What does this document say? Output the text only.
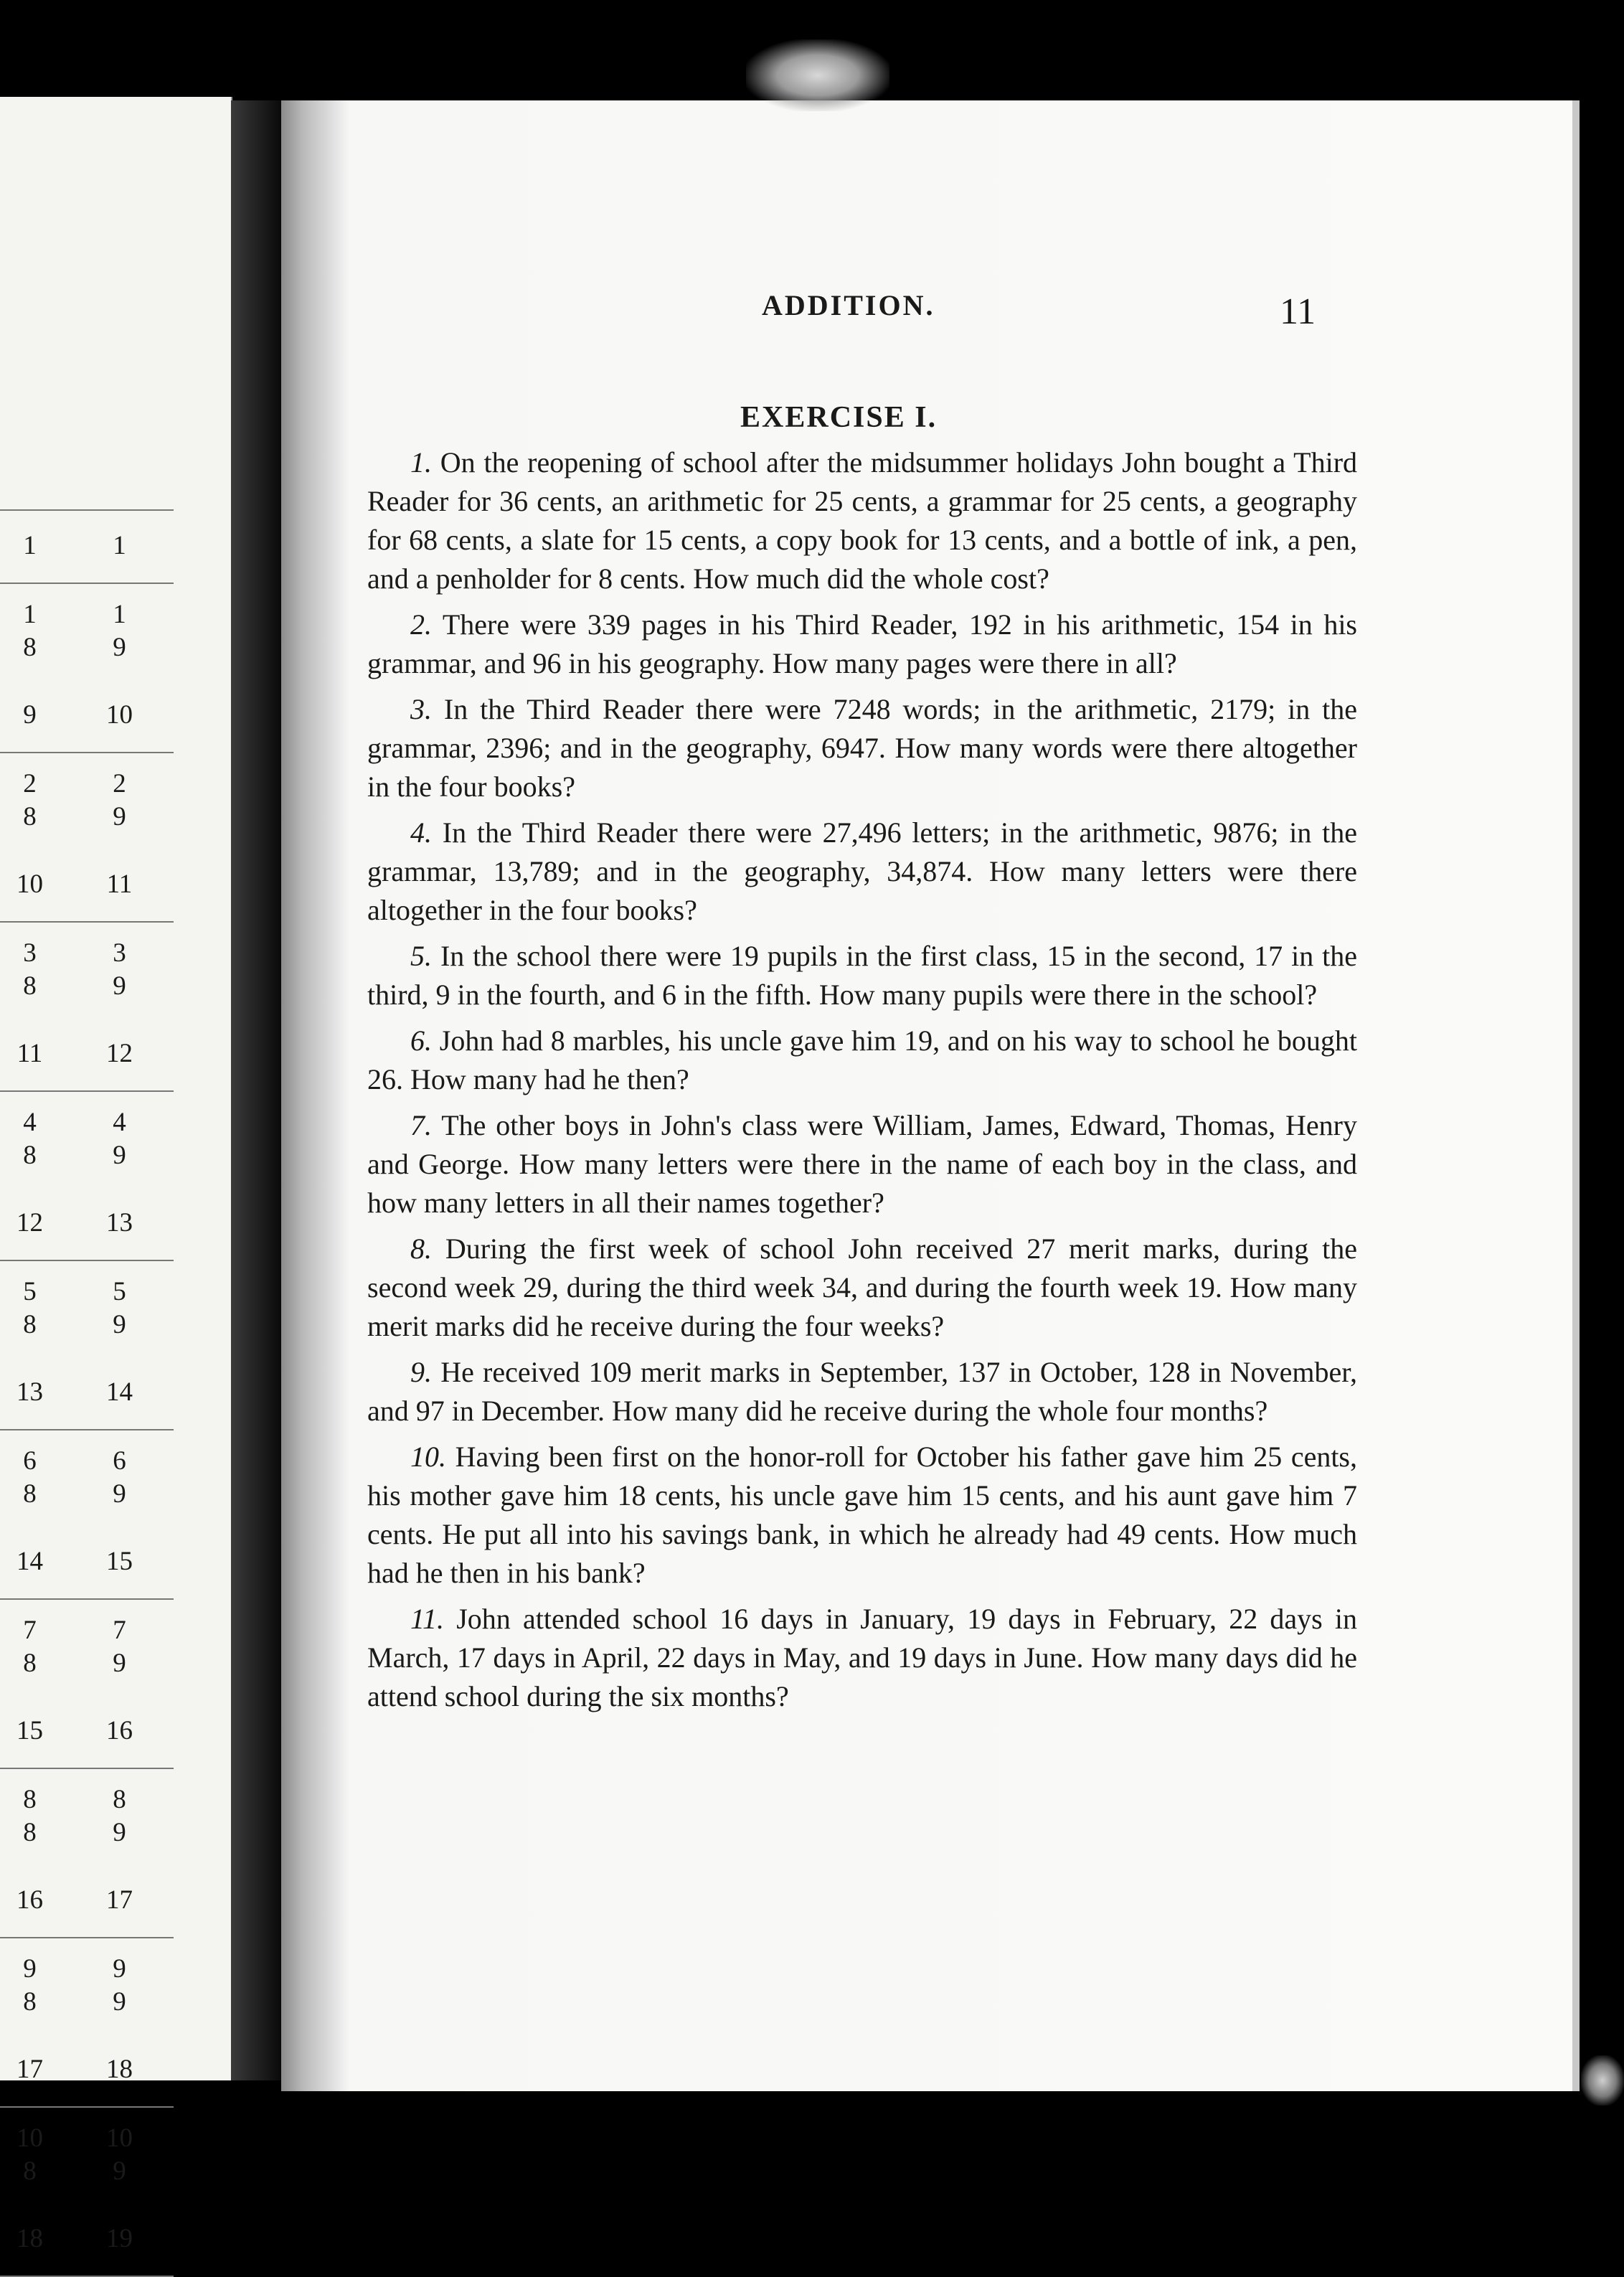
1	1
1	1
8	9
9	10
2	2
8	9
10 11
3	3
8	9
11 12
4	4
8	9
12 13
5	5
8	9
13 14
6	6
8	9
14 15
7	7
8	9
15 16
8	8
8	9
16 17
9	9
8	9
17 18
10 10
8	9
18 19
ADDITION.	11
EXERCISE I.

1. On the reopening of school after the midsummer holidays John bought a Third Reader for 36 cents, an arithmetic for 25 cents, a grammar for 25 cents, a geography for 68 cents, a slate for 15 cents, a copy book for 13 cents, and a bottle of ink, a pen, and a penholder for 8 cents. How much did the whole cost?

2. There were 339 pages in his Third Reader, 192 in his arithmetic, 154 in his grammar, and 96 in his geography. How many pages were there in all?

3. In the Third Reader there were 7248 words; in the arithmetic, 2179; in the grammar, 2396; and in the geography, 6947. How many words were there altogether in the four books?

4. In the Third Reader there were 27,496 letters; in the arithmetic, 9876; in the grammar, 13,789; and in the geography, 34,874. How many letters were there altogether in the four books?

5. In the school there were 19 pupils in the first class, 15 in the second, 17 in the third, 9 in the fourth, and 6 in the fifth. How many pupils were there in the school?

6. John had 8 marbles, his uncle gave him 19, and on his way to school he bought 26. How many had he then?

7. The other boys in John's class were William, James, Edward, Thomas, Henry and George. How many letters were there in the name of each boy in the class, and how many letters in all their names together?

8. During the first week of school John received 27 merit marks, during the second week 29, during the third week 34, and during the fourth week 19. How many merit marks did he receive during the four weeks?

9. He received 109 merit marks in September, 137 in October, 128 in November, and 97 in December. How many did he receive during the whole four months?

10. Having been first on the honor-roll for October his father gave him 25 cents, his mother gave him 18 cents, his uncle gave him 15 cents, and his aunt gave him 7 cents. He put all into his savings bank, in which he already had 49 cents. How much had he then in his bank?

11. John attended school 16 days in January, 19 days in February, 22 days in March, 17 days in April, 22 days in May, and 19 days in June. How many days did he attend school during the six months?
